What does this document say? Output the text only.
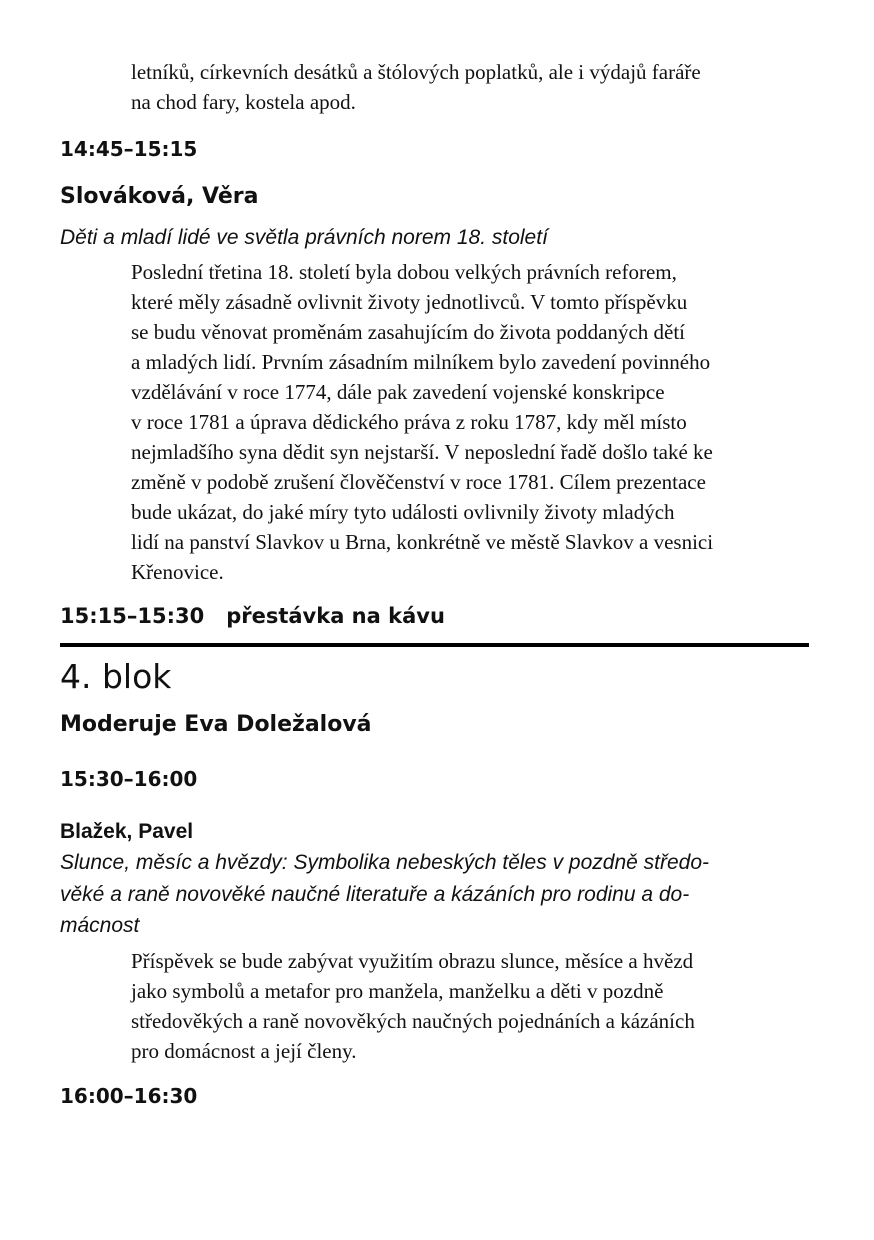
letníků, církevních desátků a štólových poplatků, ale i výdajů faráře
na chod fary, kostela apod.
14:45–15:15
Slováková, Věra
Děti a mladí lidé ve světla právních norem 18. století
Poslední třetina 18. století byla dobou velkých právních reforem,
které měly zásadně ovlivnit životy jednotlivců. V tomto příspěvku
se budu věnovat proměnám zasahujícím do života poddaných dětí
a mladých lidí. Prvním zásadním milníkem bylo zavedení povinného
vzdělávání v roce 1774, dále pak zavedení vojenské konskripce
v roce 1781 a úprava dědického práva z roku 1787, kdy měl místo
nejmladšího syna dědit syn nejstarší. V neposlední řadě došlo také ke
změně v podobě zrušení člověčenství v roce 1781. Cílem prezentace
bude ukázat, do jaké míry tyto události ovlivnily životy mladých
lidí na panství Slavkov u Brna, konkrétně ve městě Slavkov a vesnici
Křenovice.
15:15–15:30 přestávka na kávu
4. blok
Moderuje Eva Doležalová
15:30–16:00
Blažek, Pavel
Slunce, měsíc a hvězdy: Symbolika nebeských těles v pozdně středo-
věké a raně novověké naučné literatuře a kázáních pro rodinu a do-
mácnost
Příspěvek se bude zabývat využitím obrazu slunce, měsíce a hvězd
jako symbolů a metafor pro manžela, manželku a děti v pozdně
středověkých a raně novověkých naučných pojednáních a kázáních
pro domácnost a její členy.
16:00–16:30
